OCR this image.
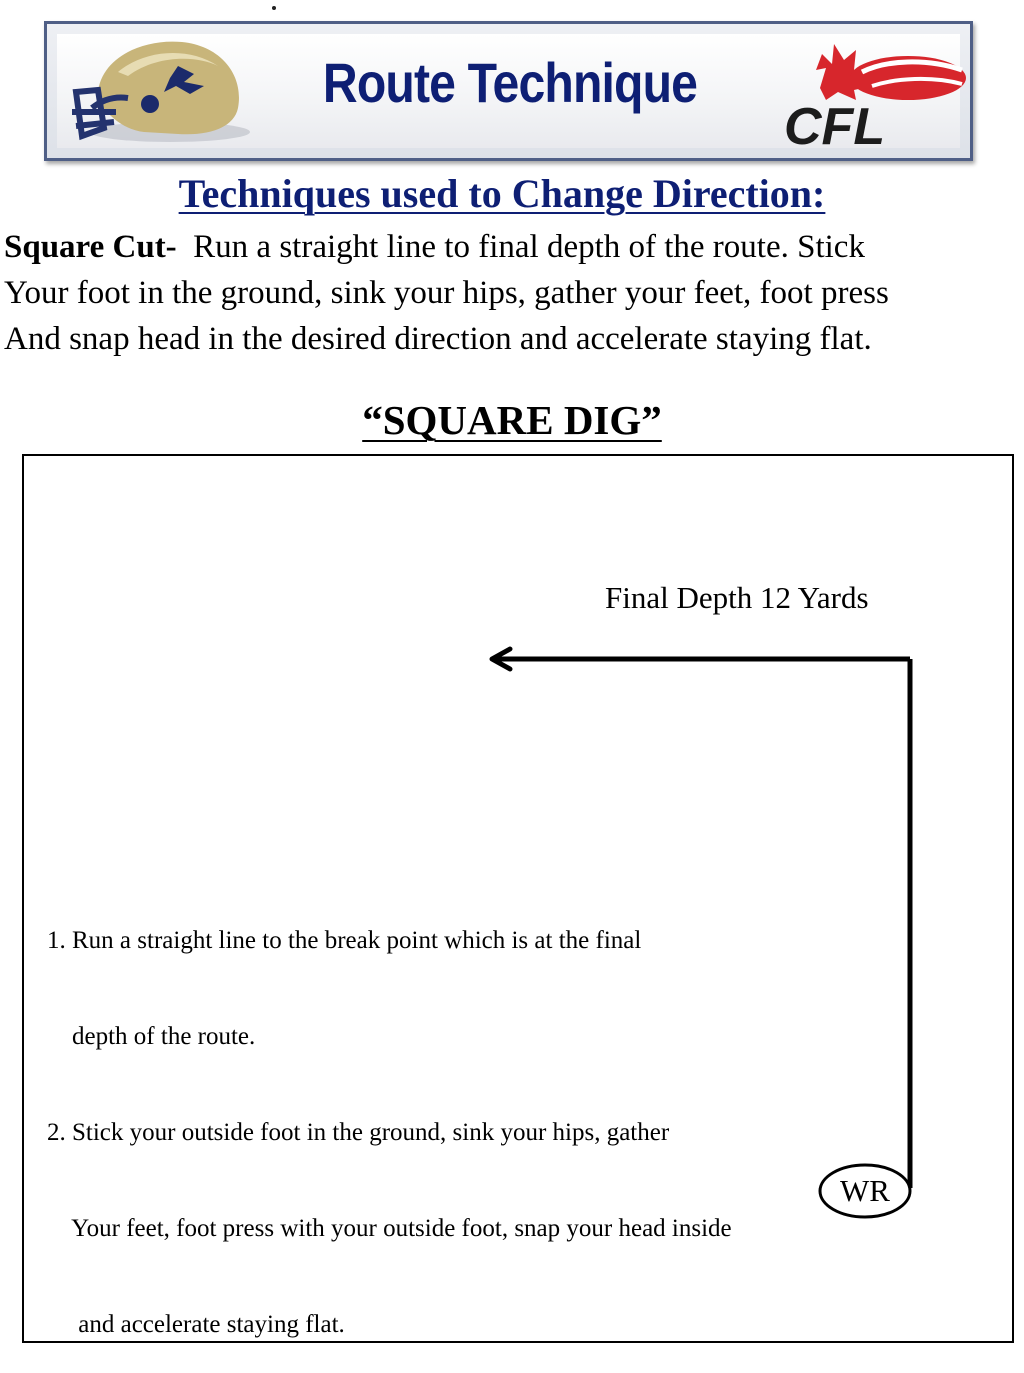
Route Technique
CFL
Techniques used to Change Direction:
Square Cut-  Run a straight line to final depth of the route. Stick
Your foot in the ground, sink your hips, gather your feet, foot press
And snap head in the desired direction and accelerate staying flat.
“SQUARE DIG”
Final Depth 12 Yards

1. Run a straight line to the break point which is at the final

depth of the route.

2. Stick your outside foot in the ground, sink your hips, gather

Your feet, foot press with your outside foot, snap your head inside

and accelerate staying flat.

WR
